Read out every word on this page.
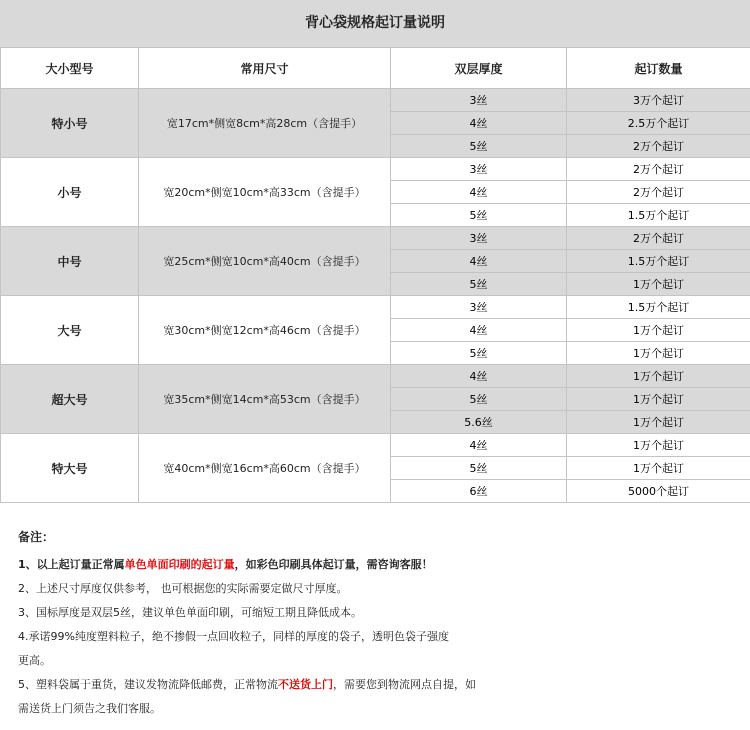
背心袋规格起订量说明
大小型号	常用尺寸	双层厚度	起订数量
特小号	宽17cm*侧宽8cm*高28cm（含提手）	3丝	3万个起订
		4丝	2.5万个起订
		5丝	2万个起订
小号	宽20cm*侧宽10cm*高33cm（含提手）	3丝	2万个起订
		4丝	2万个起订
		5丝	1.5万个起订
中号	宽25cm*侧宽10cm*高40cm（含提手）	3丝	2万个起订
		4丝	1.5万个起订
		5丝	1万个起订
大号	宽30cm*侧宽12cm*高46cm（含提手）	3丝	1.5万个起订
		4丝	1万个起订
		5丝	1万个起订
超大号	宽35cm*侧宽14cm*高53cm（含提手）	4丝	1万个起订
		5丝	1万个起订
		5.6丝	1万个起订
特大号	宽40cm*侧宽16cm*高60cm（含提手）	4丝	1万个起订
		5丝	1万个起订
		6丝	5000个起订
备注：

1、以上起订量正常属单色单面印刷的起订量，如彩色印刷具体起订量，需咨询客服！

2、上述尺寸厚度仅供参考， 也可根据您的实际需要定做尺寸厚度。

3、国标厚度是双层5丝，建议单色单面印刷，可缩短工期且降低成本。

4.承诺99%纯度塑料粒子，绝不掺假一点回收粒子，同样的厚度的袋子，透明色袋子强度

更高。

5、塑料袋属于重货，建议发物流降低邮费，正常物流不送货上门，需要您到物流网点自提，如

需送货上门须告之我们客服。
